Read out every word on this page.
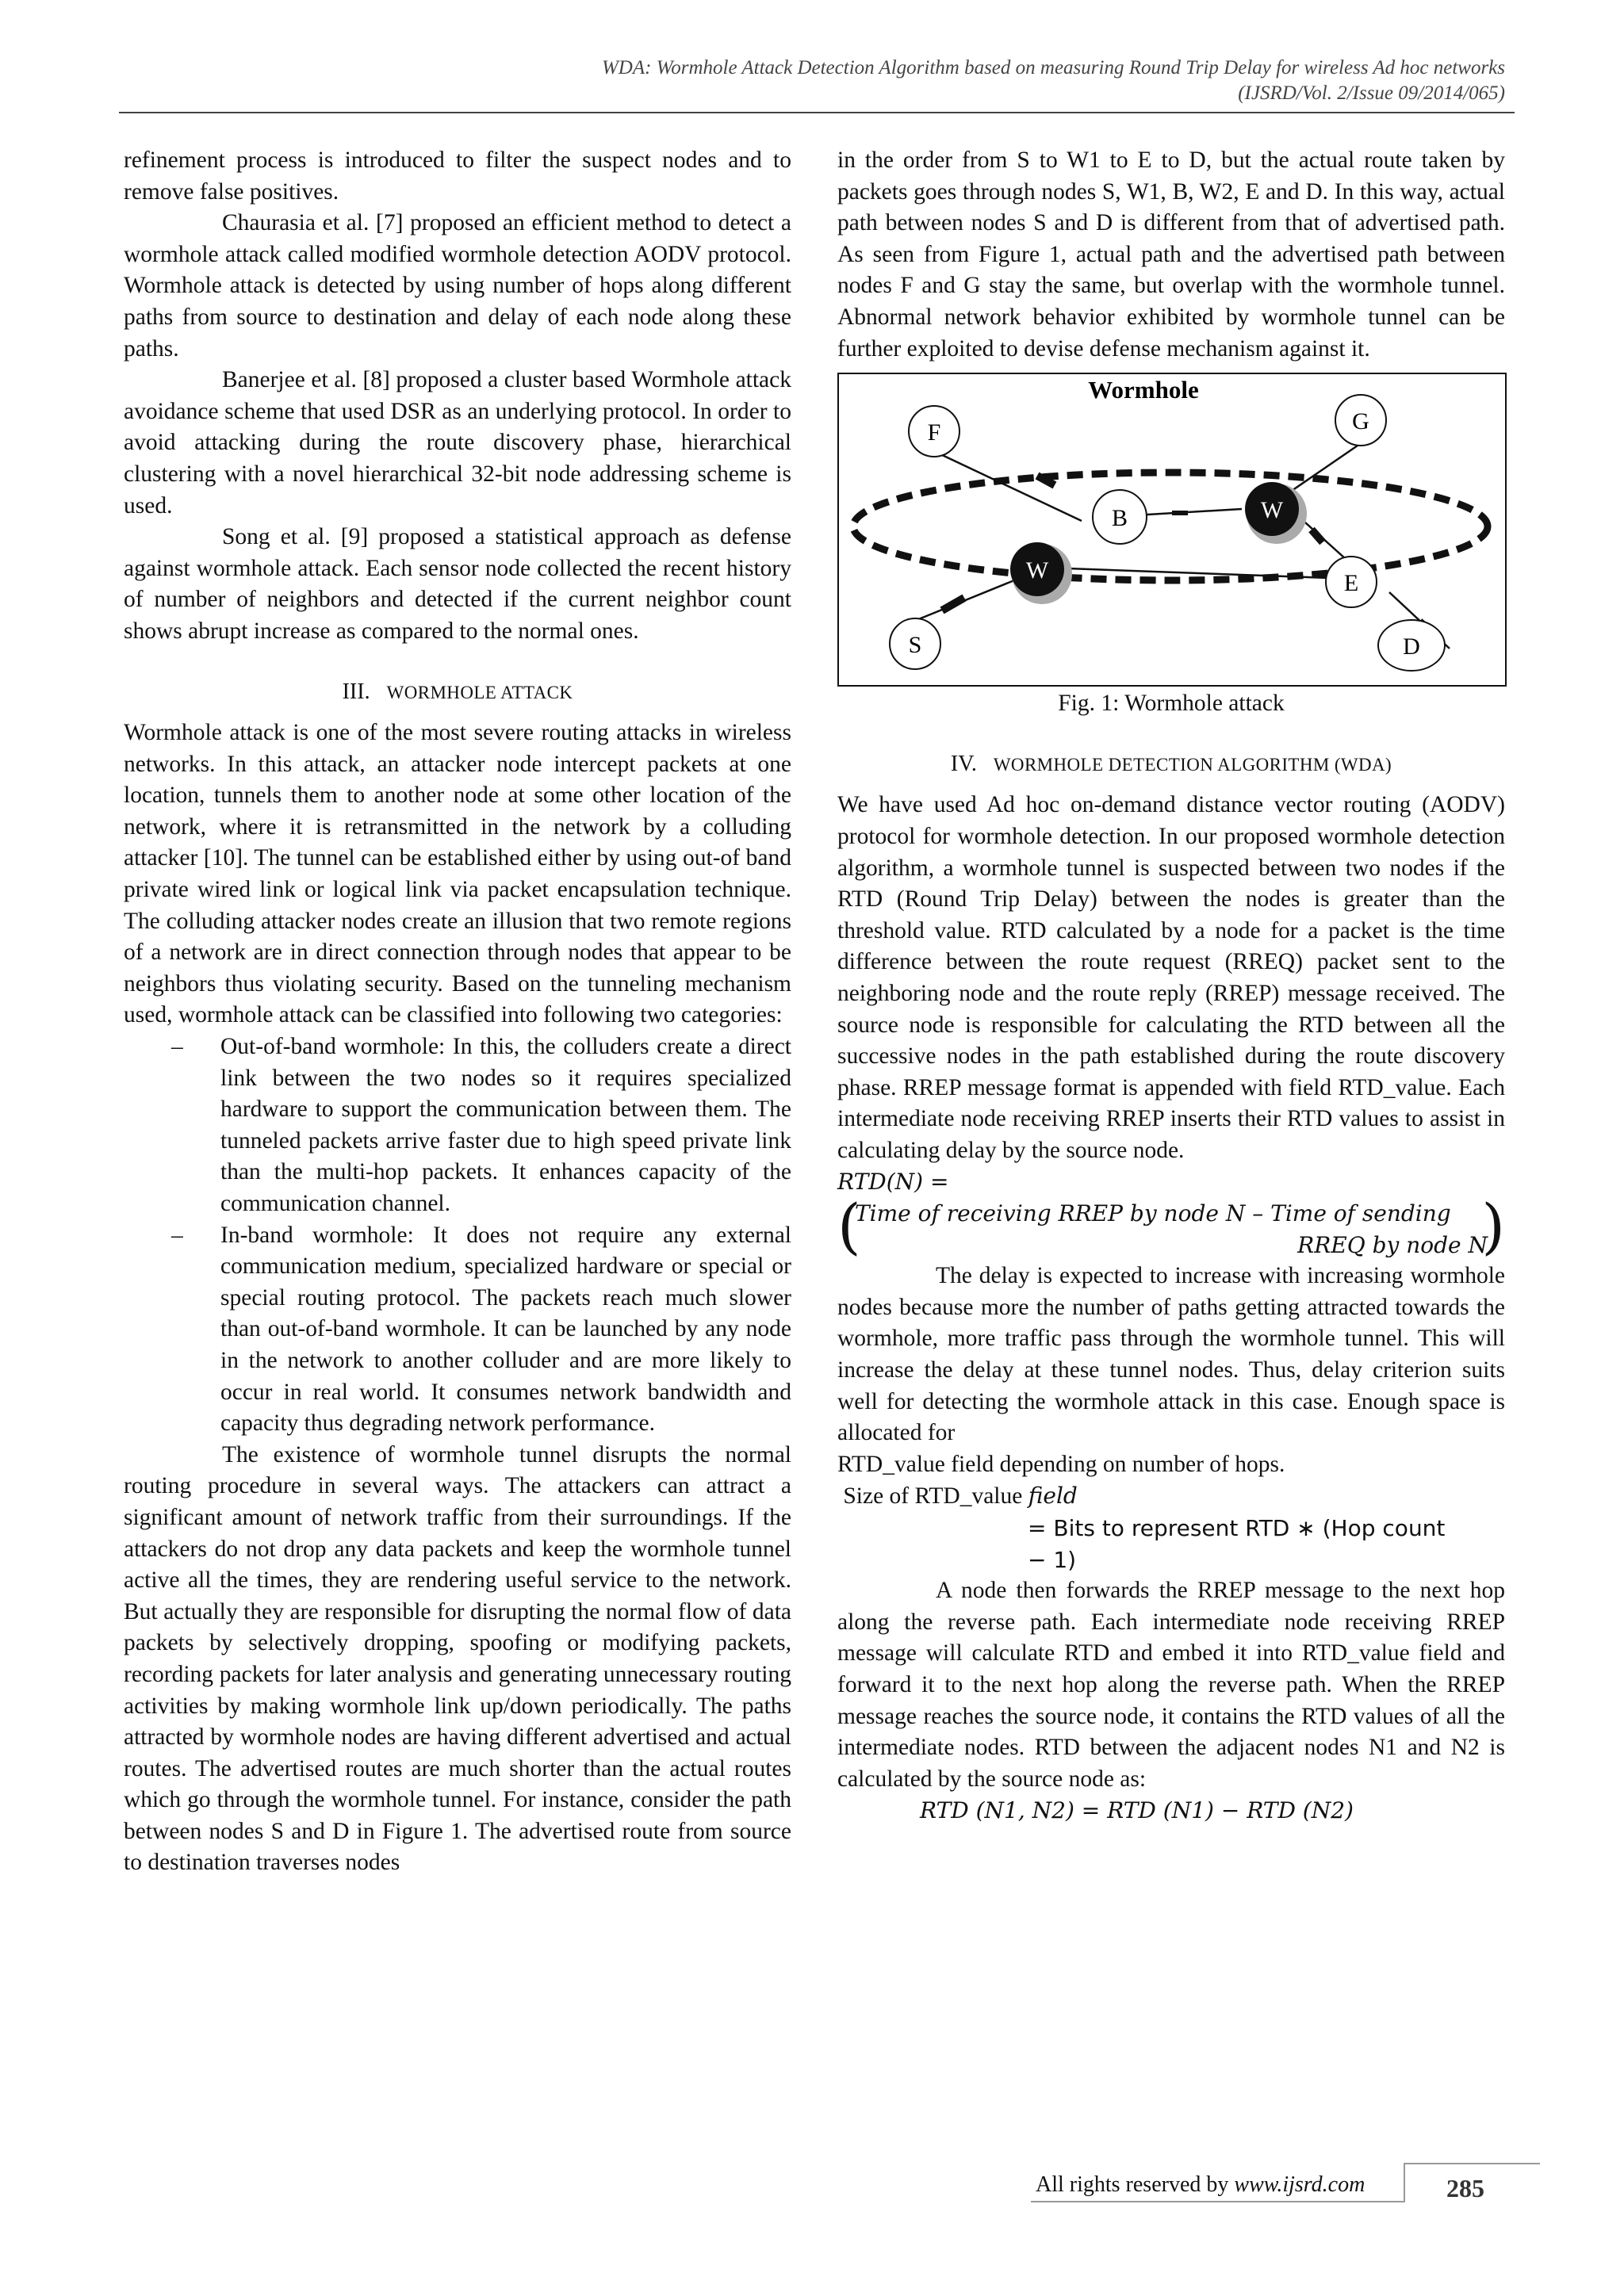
WDA: Wormhole Attack Detection Algorithm based on measuring Round Trip Delay for wireless Ad hoc networks
(IJSRD/Vol. 2/Issue 09/2014/065)

refinement process is introduced to filter the suspect nodes and to remove false positives.

Chaurasia et al. [7] proposed an efficient method to detect a wormhole attack called modified wormhole detection AODV protocol. Wormhole attack is detected by using number of hops along different paths from source to destination and delay of each node along these paths.

Banerjee et al. [8] proposed a cluster based Wormhole attack avoidance scheme that used DSR as an underlying protocol. In order to avoid attacking during the route discovery phase, hierarchical clustering with a novel hierarchical 32-bit node addressing scheme is used.

Song et al. [9] proposed a statistical approach as defense against wormhole attack. Each sensor node collected the recent history of number of neighbors and detected if the current neighbor count shows abrupt increase as compared to the normal ones.

III. WORMHOLE ATTACK

Wormhole attack is one of the most severe routing attacks in wireless networks. In this attack, an attacker node intercept packets at one location, tunnels them to another node at some other location of the network, where it is retransmitted in the network by a colluding attacker [10]. The tunnel can be established either by using out-of band private wired link or logical link via packet encapsulation technique. The colluding attacker nodes create an illusion that two remote regions of a network are in direct connection through nodes that appear to be neighbors thus violating security. Based on the tunneling mechanism used, wormhole attack can be classified into following two categories:

– Out-of-band wormhole: In this, the colluders create a direct link between the two nodes so it requires specialized hardware to support the communication between them. The tunneled packets arrive faster due to high speed private link than the multi-hop packets. It enhances capacity of the communication channel.
– In-band wormhole: It does not require any external communication medium, specialized hardware or special or special routing protocol. The packets reach much slower than out-of-band wormhole. It can be launched by any node in the network to another colluder and are more likely to occur in real world. It consumes network bandwidth and capacity thus degrading network performance.

The existence of wormhole tunnel disrupts the normal routing procedure in several ways. The attackers can attract a significant amount of network traffic from their surroundings. If the attackers do not drop any data packets and keep the wormhole tunnel active all the times, they are rendering useful service to the network. But actually they are responsible for disrupting the normal flow of data packets by selectively dropping, spoofing or modifying packets, recording packets for later analysis and generating unnecessary routing activities by making wormhole link up/down periodically. The paths attracted by wormhole nodes are having different advertised and actual routes. The advertised routes are much shorter than the actual routes which go through the wormhole tunnel. For instance, consider the path between nodes S and D in Figure 1. The advertised route from source to destination traverses nodes

in the order from S to W1 to E to D, but the actual route taken by packets goes through nodes S, W1, B, W2, E and D. In this way, actual path between nodes S and D is different from that of advertised path. As seen from Figure 1, actual path and the advertised path between nodes F and G stay the same, but overlap with the wormhole tunnel. Abnormal network behavior exhibited by wormhole tunnel can be further exploited to devise defense mechanism against it.

F	G
B	W
W	E
S	D
Wormhole
Fig. 1: Wormhole attack
IV. WORMHOLE DETECTION ALGORITHM (WDA)

We have used Ad hoc on-demand distance vector routing (AODV) protocol for wormhole detection. In our proposed wormhole detection algorithm, a wormhole tunnel is suspected between two nodes if the RTD (Round Trip Delay) between the nodes is greater than the threshold value. RTD calculated by a node for a packet is the time difference between the route request (RREQ) packet sent to the neighboring node and the route reply (RREP) message received. The source node is responsible for calculating the RTD between all the successive nodes in the path established during the route discovery phase. RREP message format is appended with field RTD_value. Each intermediate node receiving RREP inserts their RTD values to assist in calculating delay by the source node.

RTD(N) =
(
Time of receiving RREP by node N – Time of sending
RREQ by node N
)

The delay is expected to increase with increasing wormhole nodes because more the number of paths getting attracted towards the wormhole, more traffic pass through the wormhole tunnel. This will increase the delay at these tunnel nodes. Thus, delay criterion suits well for detecting the wormhole attack in this case. Enough space is allocated for

RTD_value field depending on number of hops.

Size of RTD_value field
= Bits to represent RTD ∗ (Hop count
− 1)

A node then forwards the RREP message to the next hop along the reverse path. Each intermediate node receiving RREP message will calculate RTD and embed it into RTD_value field and forward it to the next hop along the reverse path. When the RREP message reaches the source node, it contains the RTD values of all the intermediate nodes. RTD between the adjacent nodes N1 and N2 is calculated by the source node as:

RTD (N1, N2) = RTD (N1) − RTD (N2)
All rights reserved by www.ijsrd.com	285
